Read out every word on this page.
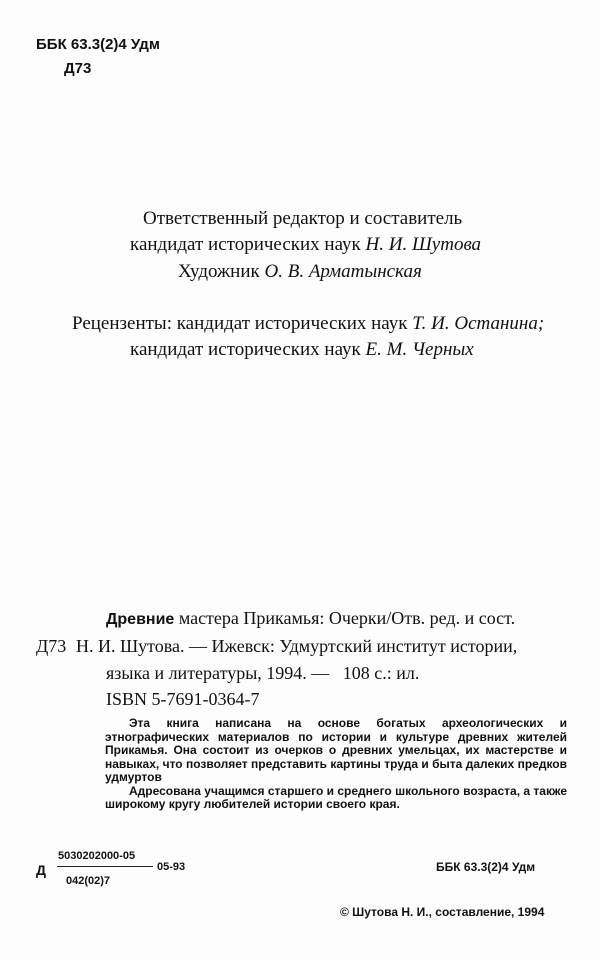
ББК 63.3(2)4 Удм
Д73
Ответственный редактор и составитель
кандидат исторических наук Н. И. Шутова
Художник О. В. Арматынская
Рецензенты: кандидат исторических наук Т. И. Останина;
кандидат исторических наук Е. М. Черных
Древние мастера Прикамья: Очерки/Отв. ред. и сост.
Д73 Н. И. Шутова. — Ижевск: Удмуртский институт истории,
языка и литературы, 1994. —   108 с.: ил.
ISBN 5-7691-0364-7

Эта книга написана на основе богатых археологических и этнографических материалов по истории и культуре древних жителей Прикамья. Она состоит из очерков о древних умельцах, их мастерстве и навыках, что позволяет представить картины труда и быта далеких предков удмуртов

Адресована учащимся старшего и среднего школьного возраста, а также широкому кругу любителей истории своего края.

Д
5030202000-05
042(02)7
05-93	ББК 63.3(2)4 Удм
© Шутова Н. И., составление, 1994
